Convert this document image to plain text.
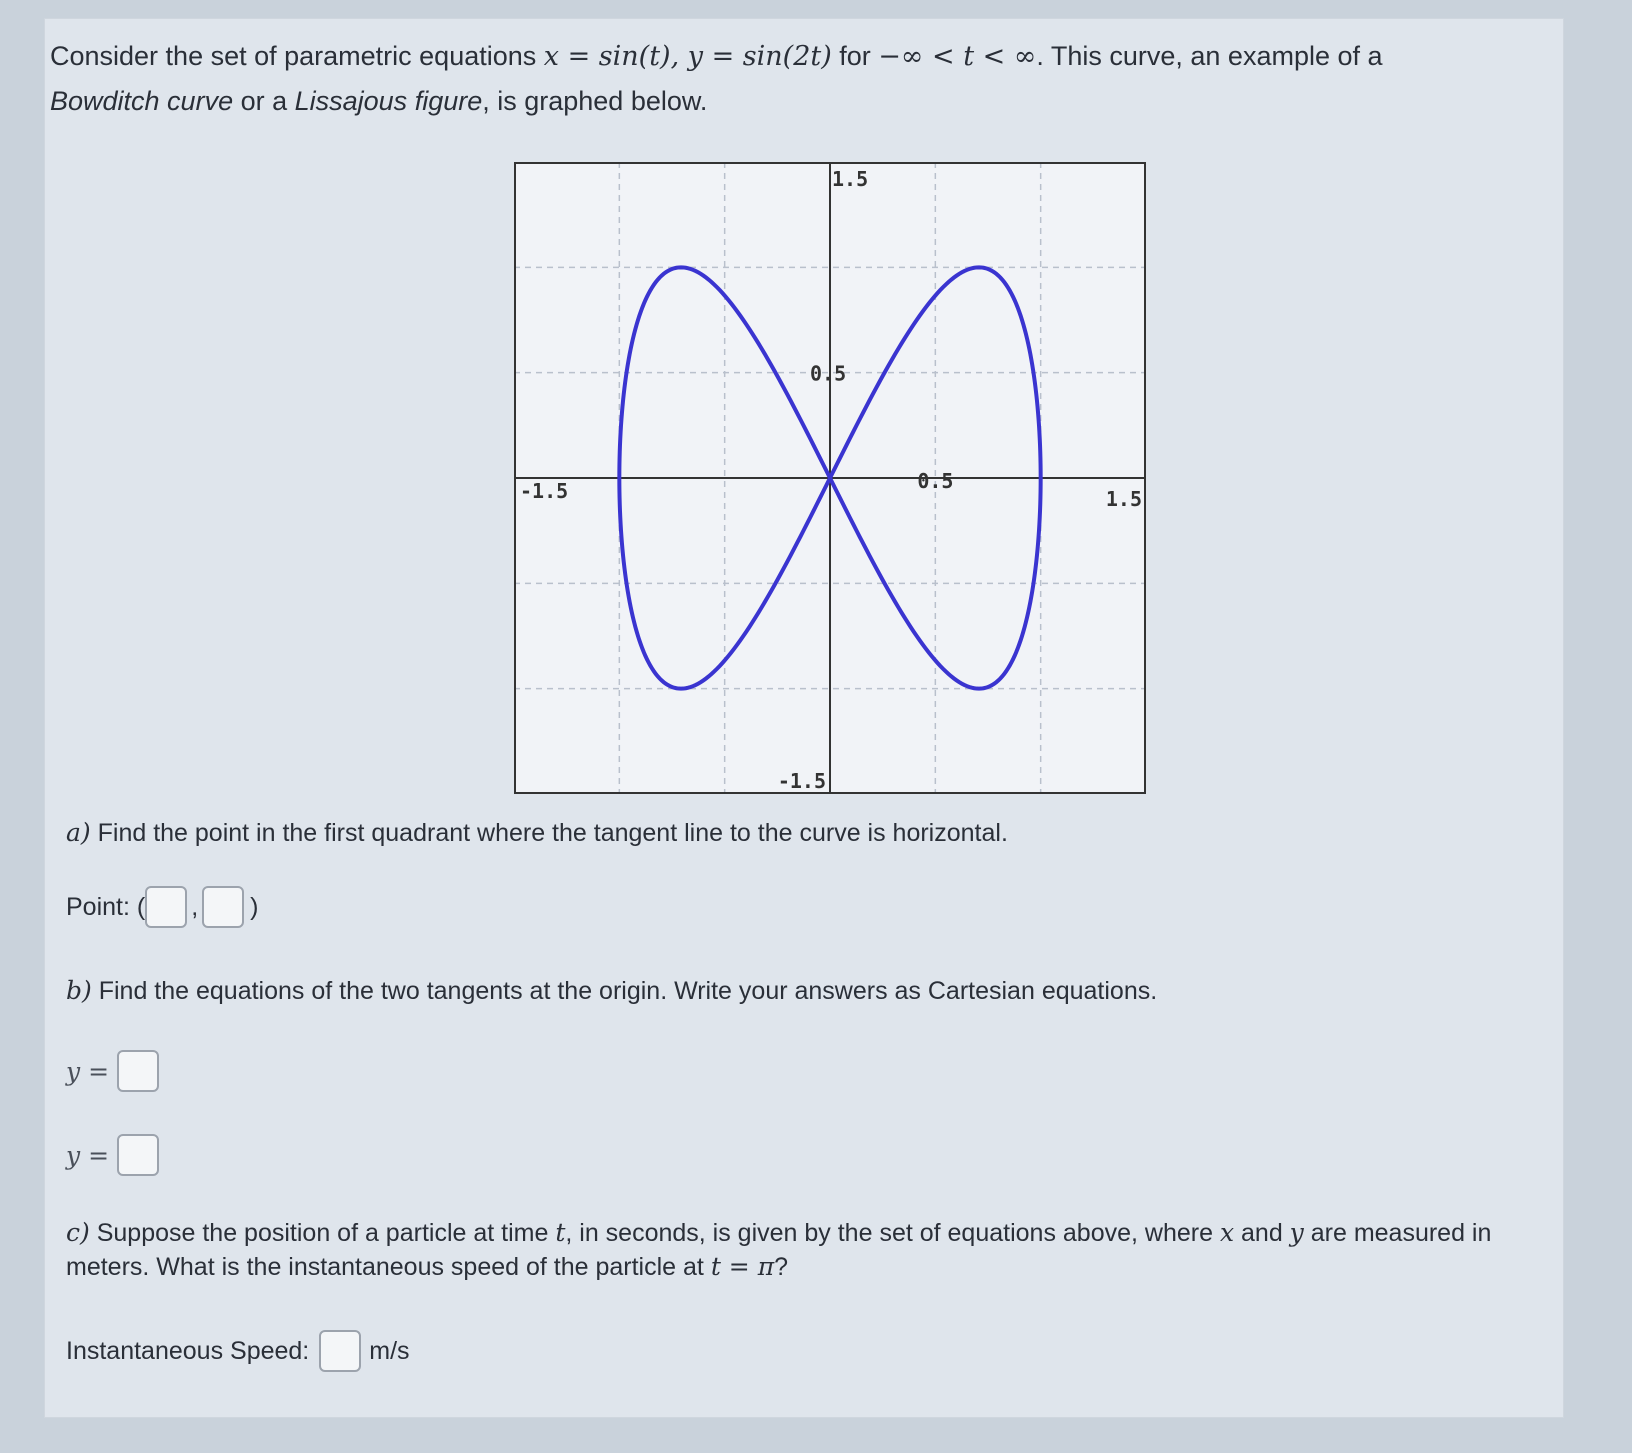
Consider the set of parametric equations x = sin(t), y = sin(2t) for −∞ < t < ∞. This curve, an example of a
Bowditch curve or a Lissajous figure, is graphed below.

-1.5	0.5
1.5
1.5
0.5
-1.5

a) Find the point in the first quadrant where the tangent line to the curve is horizontal.

Point: ( , )

b) Find the equations of the two tangents at the origin. Write your answers as Cartesian equations.

y =
y =

c) Suppose the position of a particle at time t, in seconds, is given by the set of equations above, where x and y are measured in meters. What is the instantaneous speed of the particle at t = π?

Instantaneous Speed: m/s
